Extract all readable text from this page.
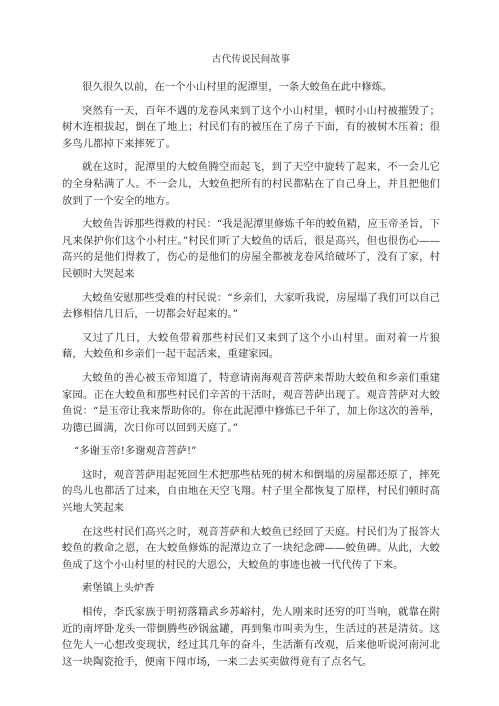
古代传说民间故事

很久很久以前，在一个小山村里的泥潭里，一条大蛟鱼在此中修炼。

突然有一天，百年不遇的龙卷风来到了这个小山村里，顿时小山村被摧毁了；树木连根拔起，倒在了地上；村民们有的被压在了房子下面，有的被树木压着；很多鸟儿都掉下来摔死了。

就在这时，泥潭里的大蛟鱼腾空而起飞，到了天空中旋转了起来，不一会儿它的全身粘满了人。不一会儿，大蛟鱼把所有的村民都粘在了自己身上，并且把他们放到了一个安全的地方。

大蛟鱼告诉那些得救的村民：“我是泥潭里修炼千年的蛟鱼精，应玉帝圣旨，下凡来保护你们这个小村庄。”村民们听了大蛟鱼的话后，很是高兴，但也很伤心——高兴的是他们得救了，伤心的是他们的房屋全都被龙卷风给破坏了，没有了家，村民顿时大哭起来

大蛟鱼安慰那些受难的村民说：“乡亲们，大家听我说，房屋塌了我们可以自己去修相信几日后，一切都会好起来的。”

又过了几日，大蛟鱼带着那些村民们又来到了这个小山村里。面对着一片狼藉，大蛟鱼和乡亲们一起干起活来，重建家园。

大蛟鱼的善心被玉帝知道了，特意请南海观音菩萨来帮助大蛟鱼和乡亲们重建家园。正在大蛟鱼和那些村民们辛苦的干活时，观音菩萨出现了。观音菩萨对大蛟鱼说：“是玉帝让我来帮助你的。你在此泥潭中修炼已千年了，加上你这次的善举，功德已圆满，次日你可以回到天庭了。”

“多谢玉帝!多谢观音菩萨!”

这时，观音菩萨用起死回生术把那些枯死的树木和倒塌的房屋都还原了，摔死的鸟儿也都活了过来，自由地在天空飞翔。村子里全都恢复了原样，村民们顿时高兴地大笑起来

在这些村民们高兴之时，观音菩萨和大蛟鱼已经回了天庭。村民们为了报答大蛟鱼的救命之恩，在大蛟鱼修炼的泥潭边立了一块纪念碑——蛟鱼碑。从此，大蛟鱼成了这个小山村里的村民的大恩公，大蛟鱼的事迹也被一代代传了下来。

索堡镇上头炉香

相传，李氏家族于明初落籍武乡苏峪村，先人刚来时还穷的叮当响，就靠在附近的南坪卧龙头一带倒腾些砂锅盆罐，再到集市叫卖为生，生活过的甚是清贫。这位先人一心想改变现状，经过其几年的奋斗，生活渐有改观，后来他听说河南河北这一块陶瓷抢手，便南下闯市场，一来二去买卖做得竟有了点名气。
